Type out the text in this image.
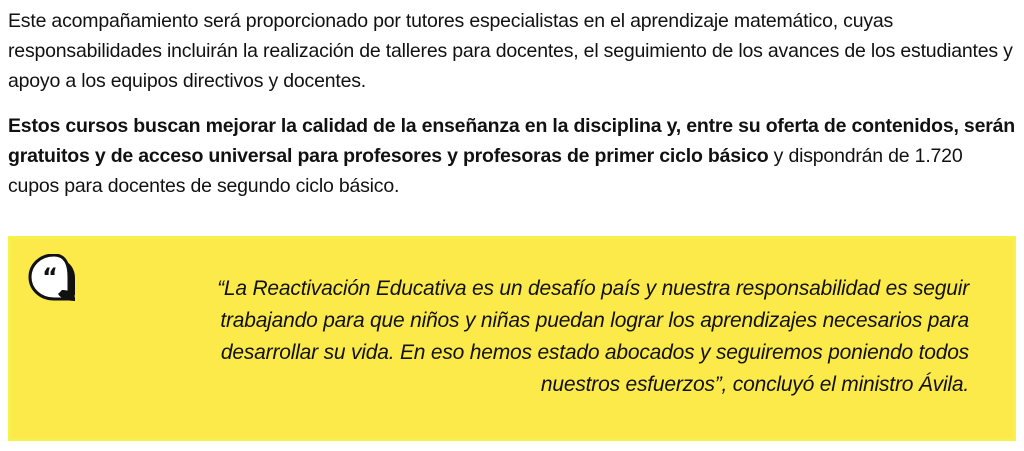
Este acompañamiento será proporcionado por tutores especialistas en el aprendizaje matemático, cuyas responsabilidades incluirán la realización de talleres para docentes, el seguimiento de los avances de los estudiantes y apoyo a los equipos directivos y docentes.

Estos cursos buscan mejorar la calidad de la enseñanza en la disciplina y, entre su oferta de contenidos, serán gratuitos y de acceso universal para profesores y profesoras de primer ciclo básico y dispondrán de 1.720 cupos para docentes de segundo ciclo básico.

“	“La Reactivación Educativa es un desafío país y nuestra responsabilidad es seguir trabajando para que niños y niñas puedan lograr los aprendizajes necesarios para desarrollar su vida. En eso hemos estado abocados y seguiremos poniendo todos nuestros esfuerzos”, concluyó el ministro Ávila.
